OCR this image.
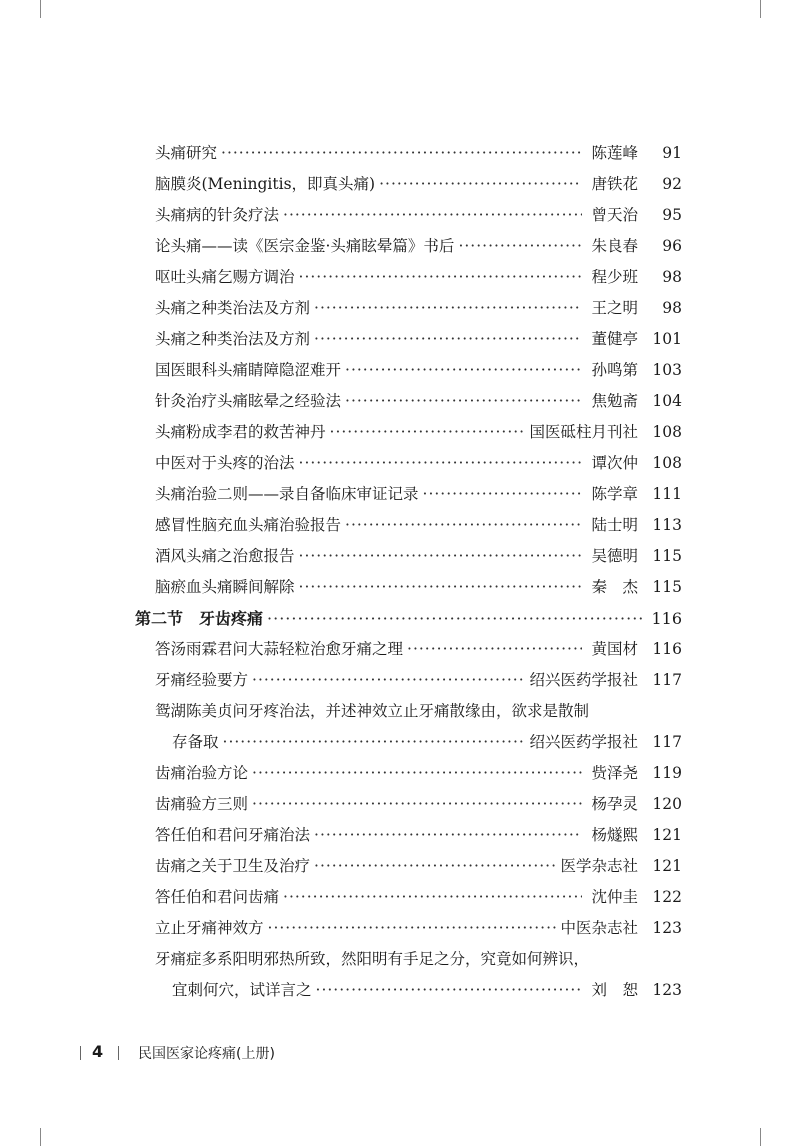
头痛研究 ·····	陈莲峰	91
脑膜炎(Meningitis，即真头痛) ·····	唐铁花	92
头痛病的针灸疗法 ·····	曾天治	95
论头痛——读《医宗金鉴·头痛眩晕篇》书后 ·····	朱良春	96
呕吐头痛乞赐方调治 ·····	程少班	98
头痛之种类治法及方剂 ·····	王之明	98
头痛之种类治法及方剂 ·····	董健亭 101
国医眼科头痛睛障隐涩难开 ·····	孙鸣第 103
针灸治疗头痛眩晕之经验法 ·····	焦勉斋 104
头痛粉成李君的救苦神丹 ·····	国医砥柱月刊社 108
中医对于头疼的治法 ·····	谭次仲 108
头痛治验二则——录自备临床审证记录 ·····	陈学章 111
感冒性脑充血头痛治验报告 ·····	陆士明 113
酒风头痛之治愈报告 ·····	吴德明 115
脑瘀血头痛瞬间解除 ·····	秦　杰 115
第二节 牙齿疼痛 ·····	116
答汤雨霖君问大蒜轻粒治愈牙痛之理 ·····	黄国材 116
牙痛经验要方 ·····	绍兴医药学报社 117
鸳湖陈美贞问牙疼治法，并述神效立止牙痛散缘由，欲求是散制
存备取 ·····	绍兴医药学报社 117
齿痛治验方论 ·····	赀泽尧 119
齿痛验方三则 ·····	杨孕灵 120
答任伯和君问牙痛治法 ·····	杨燧熙 121
齿痛之关于卫生及治疗 ·····	医学杂志社 121
答任伯和君问齿痛 ·····	沈仲圭 122
立止牙痛神效方 ·····	中医杂志社 123
牙痛症多系阳明邪热所致，然阳明有手足之分，究竟如何辨识，
宜刺何穴，试详言之 ·····	刘　恕 123
4 民国医家论疼痛(上册)
